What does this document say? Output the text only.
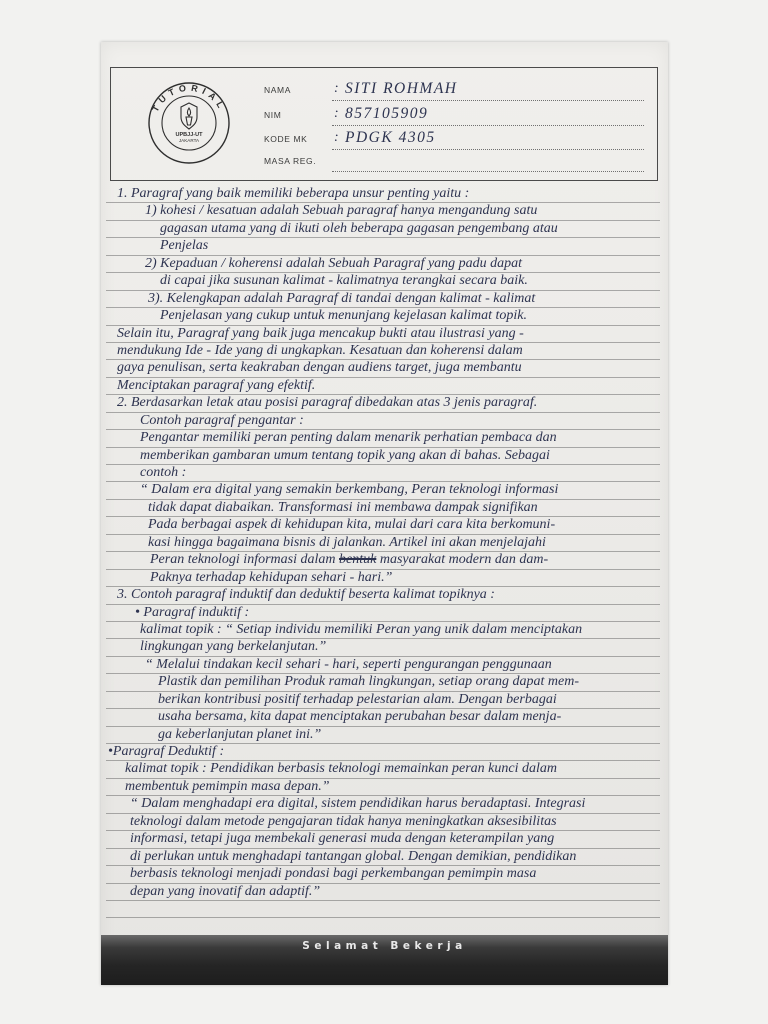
TUTORIAL
UPBJJ-UT
JAKARTA
NAMA	: SITI ROHMAH
NIM	: 857105909
KODE MK : PDGK 4305
MASA REG.
1. Paragraf yang baik memiliki beberapa unsur penting yaitu :
1) kohesi / kesatuan adalah Sebuah paragraf hanya mengandung satu
gagasan utama yang di ikuti oleh beberapa gagasan pengembang atau
Penjelas
2) Kepaduan / koherensi adalah Sebuah Paragraf yang padu dapat
di capai jika susunan kalimat - kalimatnya terangkai secara baik.
3). Kelengkapan adalah Paragraf di tandai dengan kalimat - kalimat
Penjelasan yang cukup untuk menunjang kejelasan kalimat topik.
Selain itu, Paragraf yang baik juga mencakup bukti atau ilustrasi yang -
mendukung Ide - Ide yang di ungkapkan. Kesatuan dan koherensi dalam
gaya penulisan, serta keakraban dengan audiens target, juga membantu
Menciptakan paragraf yang efektif.
2. Berdasarkan letak atau posisi paragraf dibedakan atas 3 jenis paragraf.
Contoh paragraf pengantar :
Pengantar memiliki peran penting dalam menarik perhatian pembaca dan
memberikan gambaran umum tentang topik yang akan di bahas. Sebagai
contoh :
“ Dalam era digital yang semakin berkembang, Peran teknologi informasi
tidak dapat diabaikan. Transformasi ini membawa dampak signifikan
Pada berbagai aspek di kehidupan kita, mulai dari cara kita berkomuni-
kasi hingga bagaimana bisnis di jalankan. Artikel ini akan menjelajahi
Peran teknologi informasi dalam bentuk masyarakat modern dan dam-
Paknya terhadap kehidupan sehari - hari.”
3. Contoh paragraf induktif dan deduktif beserta kalimat topiknya :
• Paragraf induktif :
kalimat topik : “ Setiap individu memiliki Peran yang unik dalam menciptakan
lingkungan yang berkelanjutan.”
“ Melalui tindakan kecil sehari - hari, seperti pengurangan penggunaan
Plastik dan pemilihan Produk ramah lingkungan, setiap orang dapat mem-
berikan kontribusi positif terhadap pelestarian alam. Dengan berbagai
usaha bersama, kita dapat menciptakan perubahan besar dalam menja-
ga keberlanjutan planet ini.”
•Paragraf Deduktif :
kalimat topik : Pendidikan berbasis teknologi memainkan peran kunci dalam
membentuk pemimpin masa depan.”
“ Dalam menghadapi era digital, sistem pendidikan harus beradaptasi. Integrasi
teknologi dalam metode pengajaran tidak hanya meningkatkan aksesibilitas
informasi, tetapi juga membekali generasi muda dengan keterampilan yang
di perlukan untuk menghadapi tantangan global. Dengan demikian, pendidikan
berbasis teknologi menjadi pondasi bagi perkembangan pemimpin masa
depan yang inovatif dan adaptif.”
Selamat Bekerja
